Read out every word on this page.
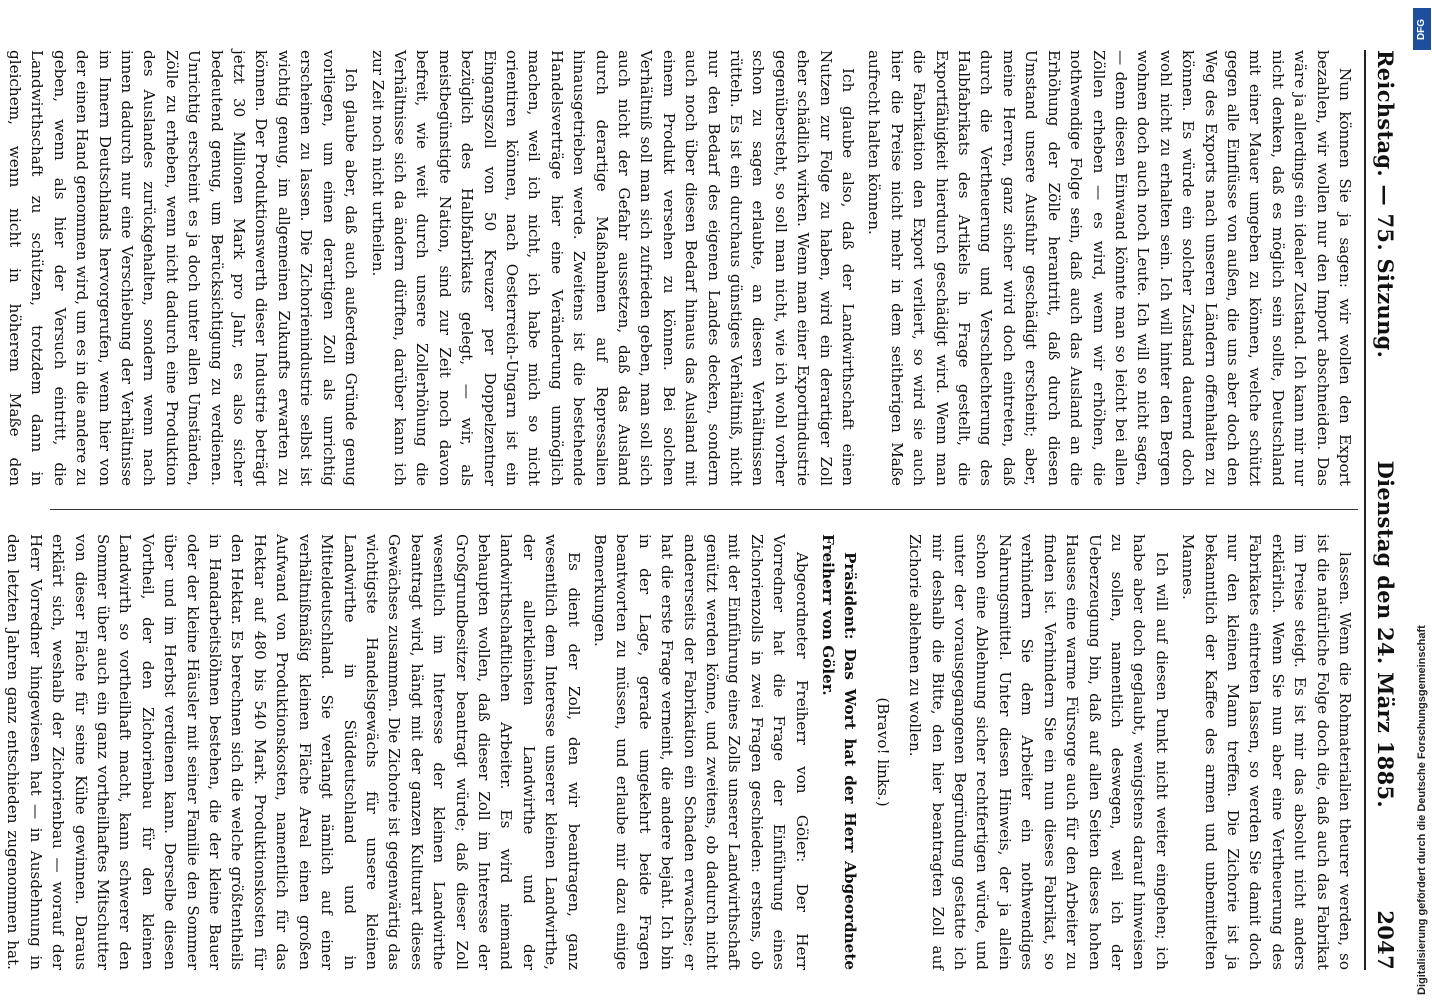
Reichstag. — 75. Sitzung.
Dienstag den 24. März 1885.
2047

Nun können Sie ja sagen: wir wollen den Export bezahlen, wir wollen nur den Import abschneiden. Das wäre ja allerdings ein idealer Zustand. Ich kann mir nur nicht denken, daß es möglich sein sollte, Deutschland mit einer Mauer umgeben zu können, welche schützt gegen alle Einflüsse von außen, die uns aber doch den Weg des Exports nach unseren Ländern offenhalten zu können. Es würde ein solcher Zustand dauernd doch wohl nicht zu erhalten sein. Ich will hinter den Bergen wohnen doch auch noch Leute. Ich will so nicht sagen, — denn diesen Einwand könnte man so leicht bei allen Zöllen erheben — es wird, wenn wir erhöhen, die nothwendige Folge sein, daß auch das Ausland an die Erhöhung der Zölle herantritt, daß durch diesen Umstand unsere Ausfuhr geschädigt erscheint; aber, meine Herren, ganz sicher wird doch eintreten, daß durch die Vertheuerung und Verschlechterung des Halbfabrikats des Artikels in Frage gestellt, die Exportfähigkeit hierdurch geschädigt wird. Wenn man die Fabrikation den Export verliert, so wird sie auch hier die Preise nicht mehr in dem seitherigen Maße aufrecht halten können.

Ich glaube also, daß der Landwirthschaft einen Nutzen zur Folge zu haben, wird ein derartiger Zoll eher schädlich wirken. Wenn man einer Exportindustrie gegenübersteht, so soll man nicht, wie ich wohl vorher schon zu sagen erlaubte, an diesen Verhältnissen rütteln. Es ist ein durchaus günstiges Verhältniß, nicht nur den Bedarf des eigenen Landes decken, sondern auch noch über diesen Bedarf hinaus das Ausland mit einem Produkt versehen zu können. Bei solchen Verhältniß soll man sich zufrieden geben, man soll sich auch nicht der Gefahr aussetzen, daß das Ausland durch derartige Maßnahmen auf Repressalien hinausgetrieben werde. Zweitens ist die bestehende Handelsverträge hier eine Veränderung unmöglich machen, weil ich nicht, ich habe mich so nicht orientiren können, nach Oesterreich-Ungarn ist ein Eingangszoll von 50 Kreuzer per Doppelzentner bezüglich des Halbfabrikats gelegt, — wir, als meistbegünstigte Nation, sind zur Zeit noch davon befreit, wie weit durch unsere Zollerhöhung die Verhältnisse sich da ändern dürften, darüber kann ich zur Zeit noch nicht urtheilen.

Ich glaube aber, daß auch außerdem Gründe genug vorliegen, um einen derartigen Zoll als unrichtig erscheinen zu lassen. Die Zichorienindustrie selbst ist wichtig genug, im allgemeinen Zukunfts erwarten zu können. Der Produktionswerth dieser Industrie beträgt jetzt 30 Millionen Mark pro Jahr, es also sicher bedeutend genug, um Berücksichtigung zu verdienen. Unrichtig erscheint es ja doch unter allen Umständen, Zölle zu erheben, wenn nicht dadurch eine Produktion des Auslandes zurückgehalten, sondern wenn nach innen dadurch nur eine Verschiebung der Verhältnisse im Innern Deutschlands hervorgerufen, wenn hier von der einen Hand genommen wird, um es in die andere zu geben, wenn als hier der Versuch eintritt, die Landwirthschaft zu schützen, trotzdem dann in gleichem, wenn nicht in höherem Maße den

lassen. Wenn die Rohmaterialien theurer werden, so ist die natürliche Folge doch die, daß auch das Fabrikat im Preise steigt. Es ist mir das absolut nicht anders erklärlich. Wenn Sie nun aber eine Vertheuerung des Fabrikates eintreten lassen, so werden Sie damit doch nur den kleinen Mann treffen. Die Zichorie ist ja bekanntlich der Kaffee des armen und unbemittelten Mannes.

Ich will auf diesen Punkt nicht weiter eingehen; ich habe aber doch geglaubt, wenigstens darauf hinweisen zu sollen, namentlich deswegen, weil ich der Ueberzeugung bin, daß auf allen Seiten dieses hohen Hauses eine warme Fürsorge auch für den Arbeiter zu finden ist. Verhindern Sie ein nun dieses Fabrikat, so verhindern Sie dem Arbeiter ein nothwendiges Nahrungsmittel. Unter diesen Hinweis, der ja allein schon eine Ablehnung sicher rechtfertigen würde, und unter der vorausgegangenen Begründung gestatte ich mir deshalb die Bitte, den hier beantragten Zoll auf Zichorie ablehnen zu wollen.

(Bravo! links.)

Präsident: Das Wort hat der Herr Abgeordnete Freiherr von Göler.

Abgeordneter Freiherr von Göler: Der Herr Vorredner hat die Frage der Einführung eines Zichorienzolls in zwei Fragen geschieden: erstens, ob mit der Einführung eines Zolls unserer Landwirthschaft genützt werden könne, und zweitens, ob dadurch nicht andererseits der Fabrikation ein Schaden erwachse; er hat die erste Frage verneint, die andere bejaht. Ich bin in der Lage, gerade umgekehrt beide Fragen beantworten zu müssen, und erlaube mir dazu einige Bemerkungen.

Es dient der Zoll, den wir beantragen, ganz wesentlich dem Interesse unserer kleinen Landwirthe, der allerkleinsten Landwirthe und der landwirthschaftlichen Arbeiter. Es wird niemand behaupten wollen, daß dieser Zoll im Interesse der Großgrundbesitzer beantragt würde; daß dieser Zoll wesentlich im Interesse der kleinen Landwirthe beantragt wird, hängt mit der ganzen Kulturart dieses Gewächses zusammen. Die Zichorie ist gegenwärtig das wichtigste Handelsgewächs für unsere kleinen Landwirthe in Süddeutschland und in Mitteldeutschland. Sie verlangt nämlich auf einer verhältnißmäßig kleinen Fläche Areal einen großen Aufwand von Produktionskosten, namentlich für das Hektar auf 480 bis 540 Mark. Produktionskosten für den Hektar. Es berechnen sich die welche größtentheils in Handarbeitslöhnen bestehen, die der kleine Bauer oder der kleine Häusler mit seiner Familie den Sommer über und im Herbst verdienen kann. Derselbe diesen Vortheil, der den Zichorienbau für den kleinen Landwirth so vortheilhaft macht, kann schwerer den Sommer über auch ein ganz vortheilhaftes Mitschutter von dieser Fläche für seine Kühe gewinnen. Daraus erklärt sich, weshalb der Zichorienbau — worauf der Herr Vorredner hingewiesen hat — in Ausdehnung in den letzten Jahren ganz entschieden zugenommen hat.

DFG
Digitalisierung gefördert durch die Deutsche Forschungsgemeinschaft
